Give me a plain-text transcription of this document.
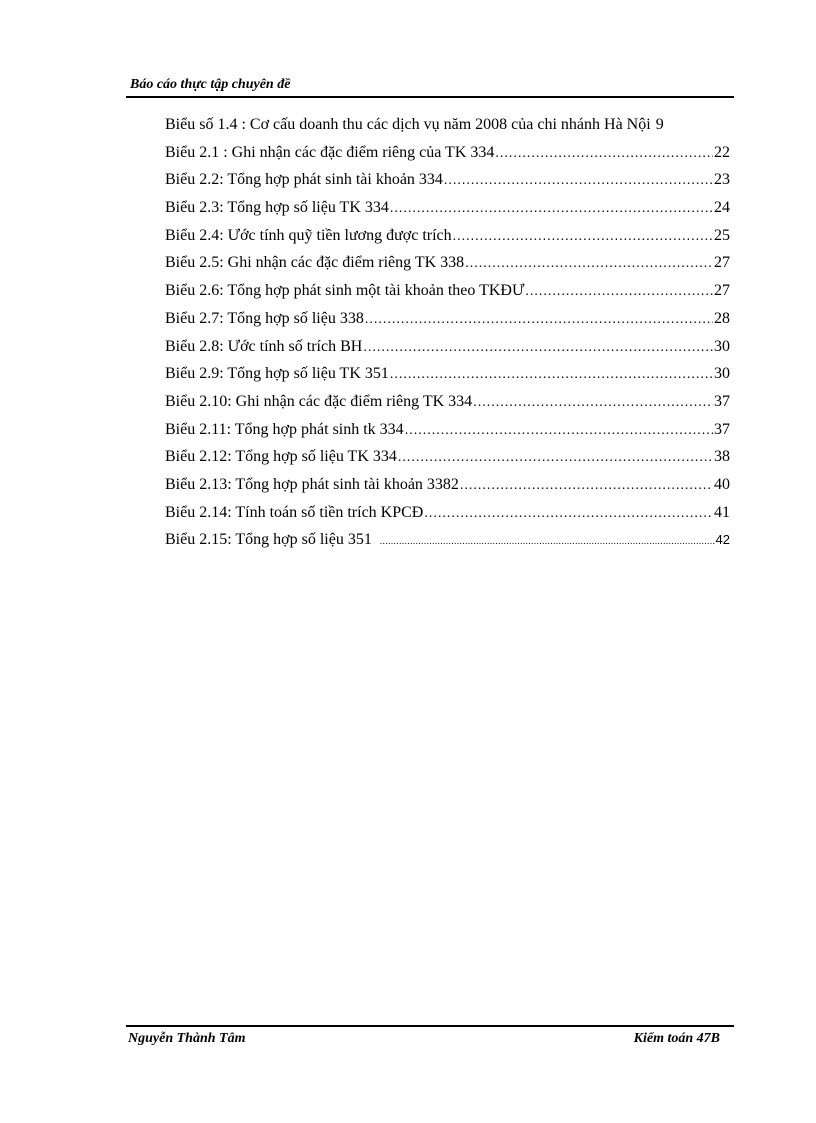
Báo cáo thực tập chuyên đề
Biểu số 1.4 : Cơ cấu doanh thu các dịch vụ năm 2008 của chi nhánh Hà Nội 9
Biểu 2.1 : Ghi nhận các đặc điểm riêng của TK 334 .....	22
Biểu 2.2: Tổng hợp phát sinh tài khoản 334 .....	23
Biểu 2.3: Tổng hợp số liệu TK 334 .....	24
Biểu 2.4: Ước tính quỹ tiền lương được trích .....	25
Biểu 2.5: Ghi nhận các đặc điểm riêng TK 338 .....	27
Biểu 2.6: Tổng hợp phát sinh một tài khoản theo TKĐƯ .....	27
Biểu 2.7: Tổng hợp số liệu 338 .....	28
Biểu 2.8: Ước tính số trích BH .....	30
Biểu 2.9: Tổng hợp số liệu TK 351 .....	30
Biểu 2.10: Ghi nhận các đặc điểm riêng TK 334 .....	37
Biểu 2.11: Tổng hợp phát sinh tk 334 .....	37
Biểu 2.12: Tổng hợp số liệu TK 334 .....	38
Biểu 2.13: Tổng hợp phát sinh tài khoản 3382 .....	40
Biểu 2.14: Tính toán số tiền trích KPCĐ .....	41
Biểu 2.15: Tổng hợp số liệu 351 .....	42
Nguyễn Thành Tâm	Kiểm toán 47B
